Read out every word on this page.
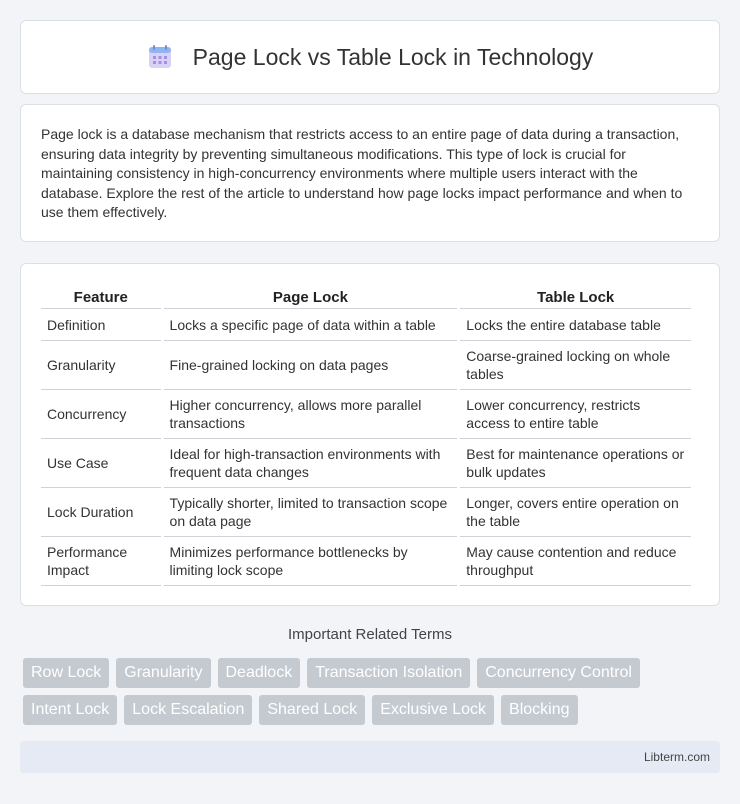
Page Lock vs Table Lock in Technology

Page lock is a database mechanism that restricts access to an entire page of data during a transaction, ensuring data integrity by preventing simultaneous modifications. This type of lock is crucial for maintaining consistency in high-concurrency environments where multiple users interact with the database. Explore the rest of the article to understand how page locks impact performance and when to use them effectively.

Feature	Page Lock	Table Lock
Definition	Locks a specific page of data within a table	Locks the entire database table
Granularity	Fine-grained locking on data pages	Coarse-grained locking on whole tables
Concurrency	Higher concurrency, allows more parallel transactions	Lower concurrency, restricts access to entire table
Use Case	Ideal for high-transaction environments with frequent data changes	Best for maintenance operations or bulk updates
Lock Duration	Typically shorter, limited to transaction scope on data page	Longer, covers entire operation on the table
Performance Impact	Minimizes performance bottlenecks by limiting lock scope	May cause contention and reduce throughput
Important Related Terms
Row Lock	Granularity	Deadlock	Transaction Isolation	Concurrency Control
Intent Lock	Lock Escalation	Shared Lock	Exclusive Lock	Blocking
Libterm.com
